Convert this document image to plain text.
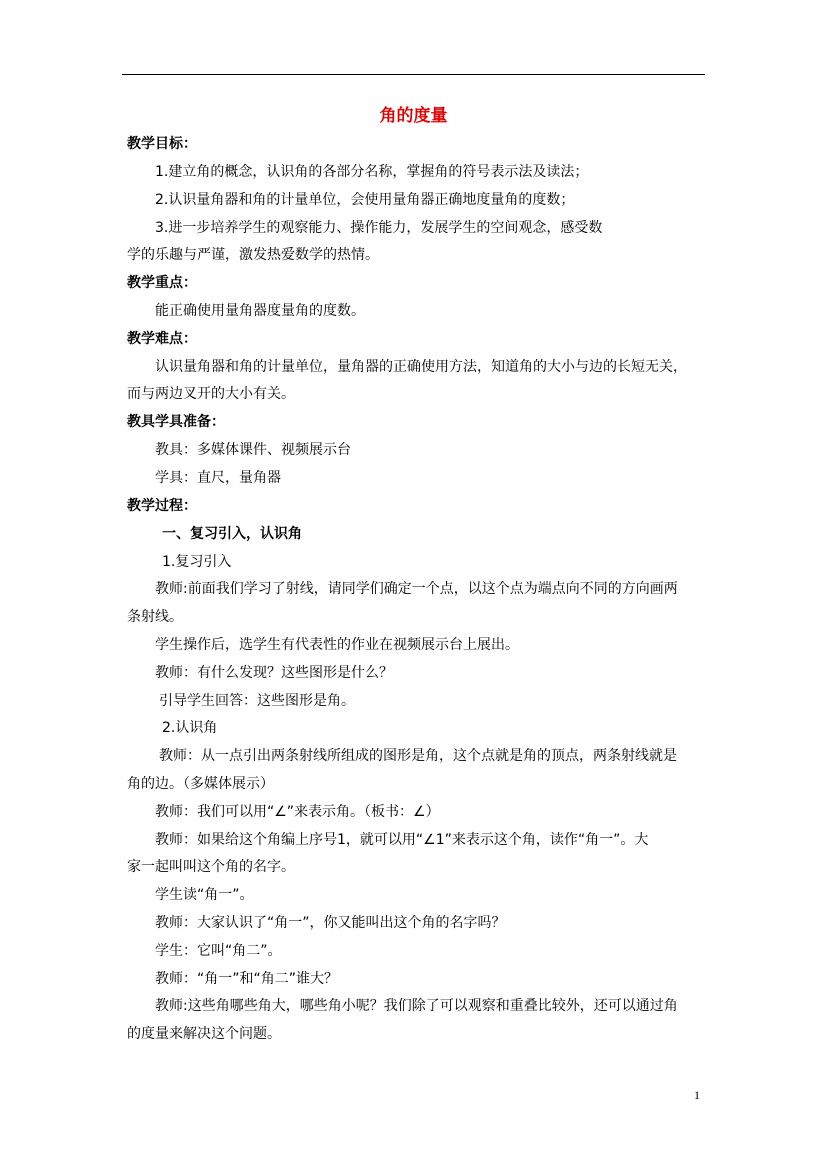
角的度量
教学目标：
1.建立角的概念，认识角的各部分名称，掌握角的符号表示法及读法；
2.认识量角器和角的计量单位，会使用量角器正确地度量角的度数；
3.进一步培养学生的观察能力、操作能力，发展学生的空间观念，感受数
学的乐趣与严谨，激发热爱数学的热情。
教学重点：
能正确使用量角器度量角的度数。
教学难点：
认识量角器和角的计量单位，量角器的正确使用方法，知道角的大小与边的长短无关，
而与两边叉开的大小有关。
教具学具准备：
教具：多媒体课件、视频展示台
学具：直尺，量角器
教学过程：
一、复习引入，认识角
1.复习引入
教师:前面我们学习了射线，请同学们确定一个点，以这个点为端点向不同的方向画两
条射线。
学生操作后，选学生有代表性的作业在视频展示台上展出。
教师：有什么发现？这些图形是什么？
引导学生回答：这些图形是角。
2.认识角
教师：从一点引出两条射线所组成的图形是角，这个点就是角的顶点，两条射线就是
角的边。（多媒体展示）
教师：我们可以用“∠”来表示角。（板书：∠）
教师：如果给这个角编上序号1，就可以用“∠1”来表示这个角，读作“角一”。大
家一起叫叫这个角的名字。
学生读“角一”。
教师：大家认识了“角一”，你又能叫出这个角的名字吗？
学生：它叫“角二”。
教师：“角一”和“角二”谁大？
教师:这些角哪些角大，哪些角小呢？我们除了可以观察和重叠比较外，还可以通过角
的度量来解决这个问题。
1
